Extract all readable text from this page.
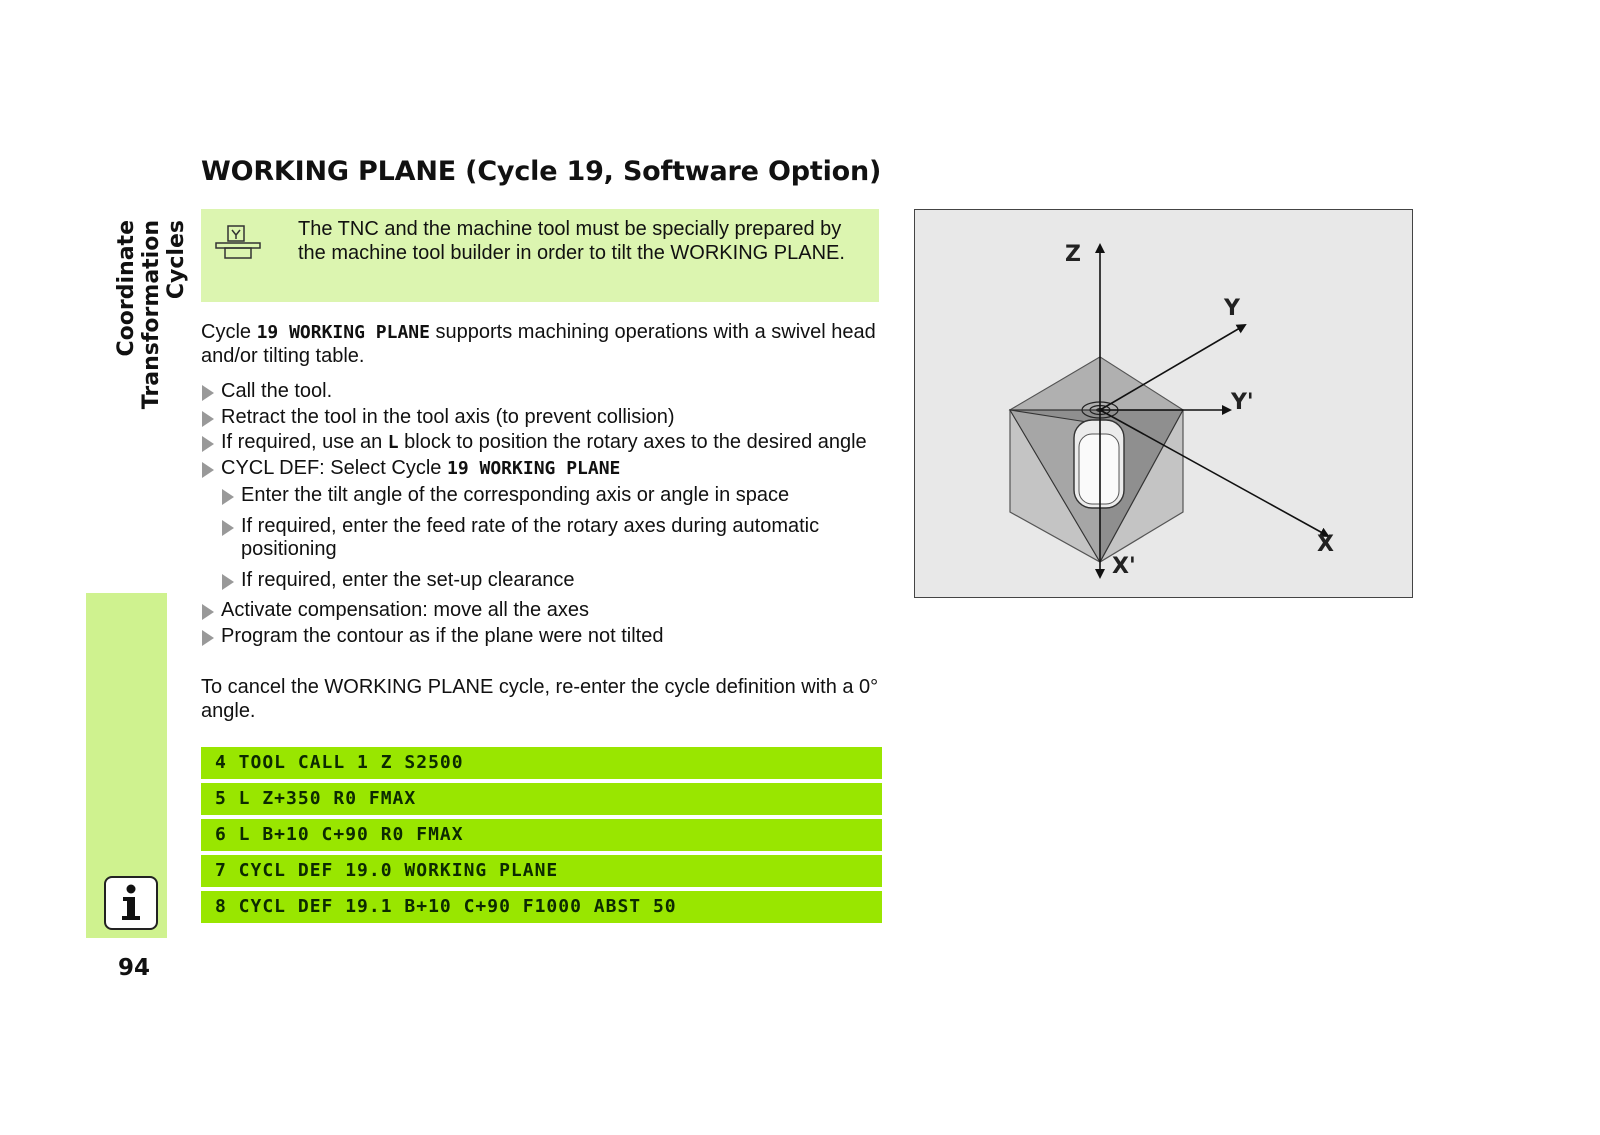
Coordinate Transformation Cycles
94
WORKING PLANE (Cycle 19, Software Option)
The TNC and the machine tool must be specially prepared by the machine tool builder in order to tilt the WORKING PLANE.
Cycle 19 WORKING PLANE supports machining operations with a swivel head and/or tilting table.
Call the tool.
Retract the tool in the tool axis (to prevent collision)
If required, use an L block to position the rotary axes to the desired angle
CYCL DEF: Select Cycle 19 WORKING PLANE
Enter the tilt angle of the corresponding axis or angle in space
If required, enter the feed rate of the rotary axes during automatic positioning
If required, enter the set-up clearance
Activate compensation: move all the axes
Program the contour as if the plane were not tilted
To cancel the WORKING PLANE cycle, re-enter the cycle definition with a 0° angle.
4 TOOL CALL 1 Z S2500
5 L Z+350 R0 FMAX
6 L B+10 C+90 R0 FMAX
7 CYCL DEF 19.0 WORKING PLANE
8 CYCL DEF 19.1 B+10 C+90 F1000 ABST 50
Z
Y
Y'
X
X'
